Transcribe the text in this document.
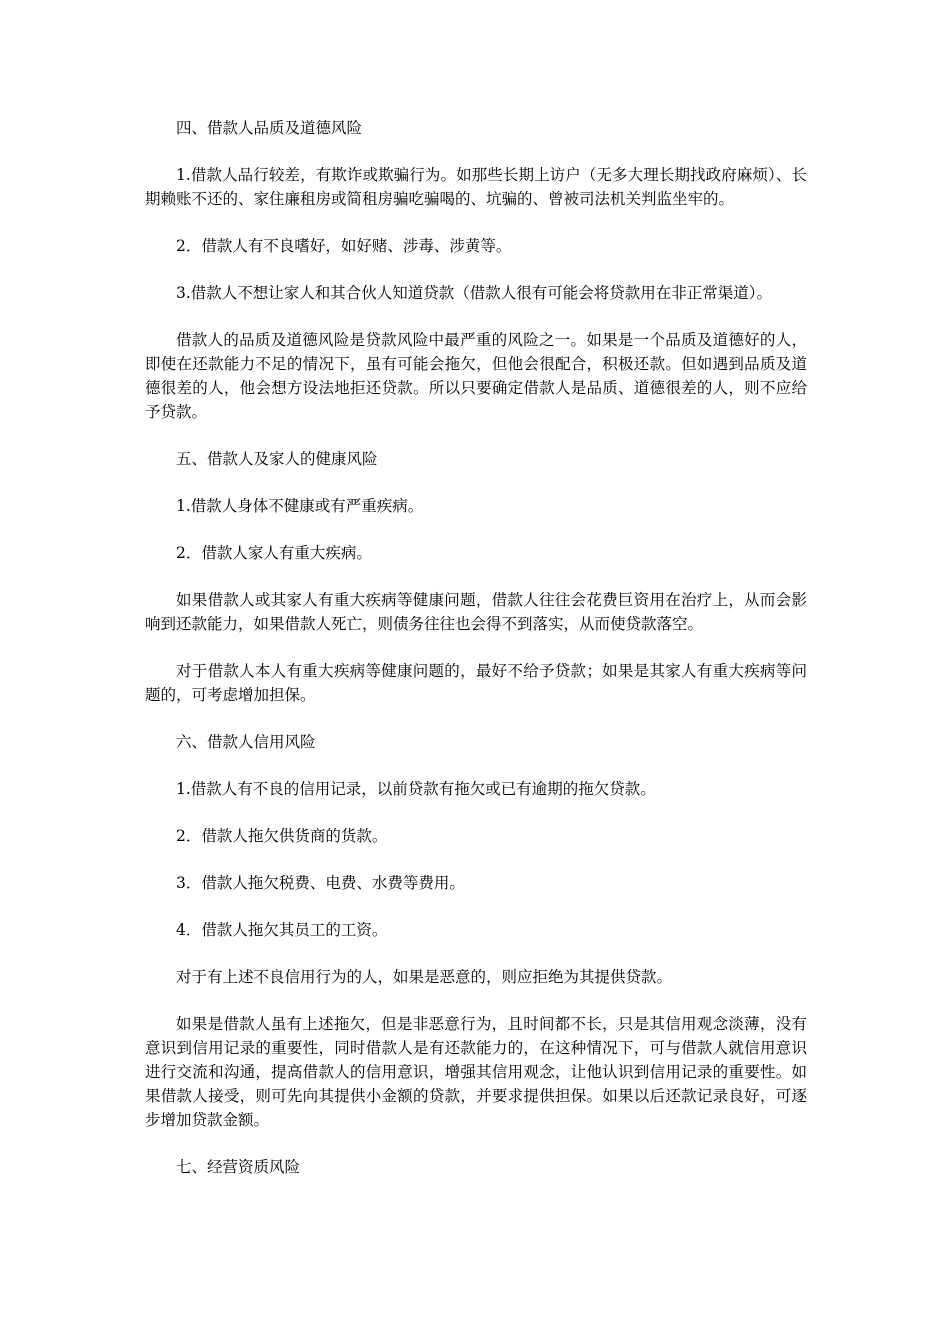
四、借款人品质及道德风险

1.借款人品行较差，有欺诈或欺骗行为。如那些长期上访户（无多大理长期找政府麻烦）、长期赖账不还的、家住廉租房或简租房骗吃骗喝的、坑骗的、曾被司法机关判监坐牢的。

2．借款人有不良嗜好，如好赌、涉毒、涉黄等。

3.借款人不想让家人和其合伙人知道贷款（借款人很有可能会将贷款用在非正常渠道）。

借款人的品质及道德风险是贷款风险中最严重的风险之一。如果是一个品质及道德好的人，即使在还款能力不足的情况下，虽有可能会拖欠，但他会很配合，积极还款。但如遇到品质及道德很差的人，他会想方设法地拒还贷款。所以只要确定借款人是品质、道德很差的人，则不应给予贷款。

五、借款人及家人的健康风险

1.借款人身体不健康或有严重疾病。

2．借款人家人有重大疾病。

如果借款人或其家人有重大疾病等健康问题，借款人往往会花费巨资用在治疗上，从而会影响到还款能力，如果借款人死亡，则债务往往也会得不到落实，从而使贷款落空。

对于借款人本人有重大疾病等健康问题的，最好不给予贷款；如果是其家人有重大疾病等问题的，可考虑增加担保。

六、借款人信用风险

1.借款人有不良的信用记录，以前贷款有拖欠或已有逾期的拖欠贷款。

2．借款人拖欠供货商的货款。

3．借款人拖欠税费、电费、水费等费用。

4．借款人拖欠其员工的工资。

对于有上述不良信用行为的人，如果是恶意的，则应拒绝为其提供贷款。

如果是借款人虽有上述拖欠，但是非恶意行为，且时间都不长，只是其信用观念淡薄，没有意识到信用记录的重要性，同时借款人是有还款能力的，在这种情况下，可与借款人就信用意识进行交流和沟通，提高借款人的信用意识，增强其信用观念，让他认识到信用记录的重要性。如果借款人接受，则可先向其提供小金额的贷款，并要求提供担保。如果以后还款记录良好，可逐步增加贷款金额。

七、经营资质风险
